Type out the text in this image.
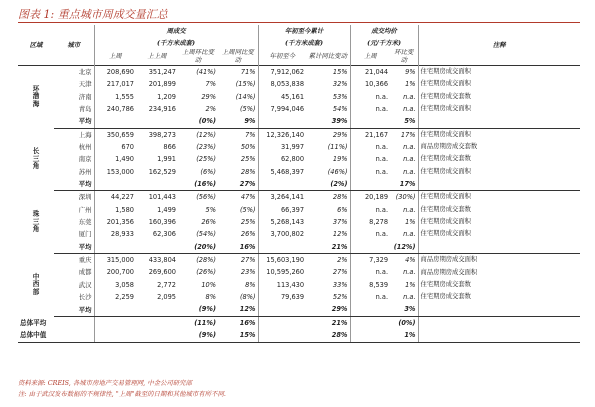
图表 1: 重点城市周成交量汇总
区域	城市	周成交				年初至今累计		成交均价		注释
		(千方米成套)				(千方米成套)		(元/千方米)		
		上周	上上周	上周环比变动	上周同比变动	年初至今	累计同比变动	上周	环比变动	
环
渤
海	北京	208,690	351,247	(41%)	71%	7,912,062	15%	21,044	9%	住宅期房成交面积
	天津	217,017	201,899	7%	(15%)	8,053,838	32%	10,366	1%	住宅期房成交面积
	济南	1,555	1,209	29%	(14%)	45,161	53%	n.a.	n.a.	住宅期房成交套数
	青岛	240,786	234,916	2%	(5%)	7,994,046	54%	n.a.	n.a.	住宅期房成交面积
	平均			(0%)	9%		39%		5%	
长
三
角	上海	350,659	398,273	(12%)	7%	12,326,140	29%	21,167	17%	住宅期房成交面积
	杭州	670	866	(23%)	50%	31,997	(11%)	n.a.	n.a.	商品房期房成交套数
	南京	1,490	1,991	(25%)	25%	62,800	19%	n.a.	n.a.	住宅期房成交套数
	苏州	153,000	162,529	(6%)	28%	5,468,397	(46%)	n.a.	n.a.	住宅期房成交面积
	平均			(16%)	27%		(2%)		17%	
珠
三
角	深圳	44,227	101,443	(56%)	47%	3,264,141	28%	20,189	(30%)	住宅期房成交面积
	广州	1,580	1,499	5%	(5%)	66,397	6%	n.a.	n.a.	住宅期房成交套数
	东莞	201,356	160,396	26%	25%	5,268,143	37%	8,278	1%	住宅期房成交面积
	厦门	28,933	62,306	(54%)	26%	3,700,802	12%	n.a.	n.a.	住宅期房成交面积
	平均			(20%)	16%		21%		(12%)	
中
西
部	重庆	315,000	433,804	(28%)	27%	15,603,190	2%	7,329	4%	商品房期房成交面积
	成都	200,700	269,600	(26%)	23%	10,595,260	27%	n.a.	n.a.	商品房期房成交面积
	武汉	3,058	2,772	10%	8%	113,430	33%	8,539	1%	住宅期房成交套数
	长沙	2,259	2,095	8%	(8%)	79,639	52%	n.a.	n.a.	住宅期房成交套数
	平均			(9%)	12%		29%		3%	
总体平均				(11%)	16%		21%		(0%)	
总体中值				(9%)	15%		28%		1%	
资料来源: CREIS, 各城市房地产交易管理网, 中金公司研究部
注: 由于武汉发布数据的不规律性, "上周"截至的日期和其他城市有所不同.
